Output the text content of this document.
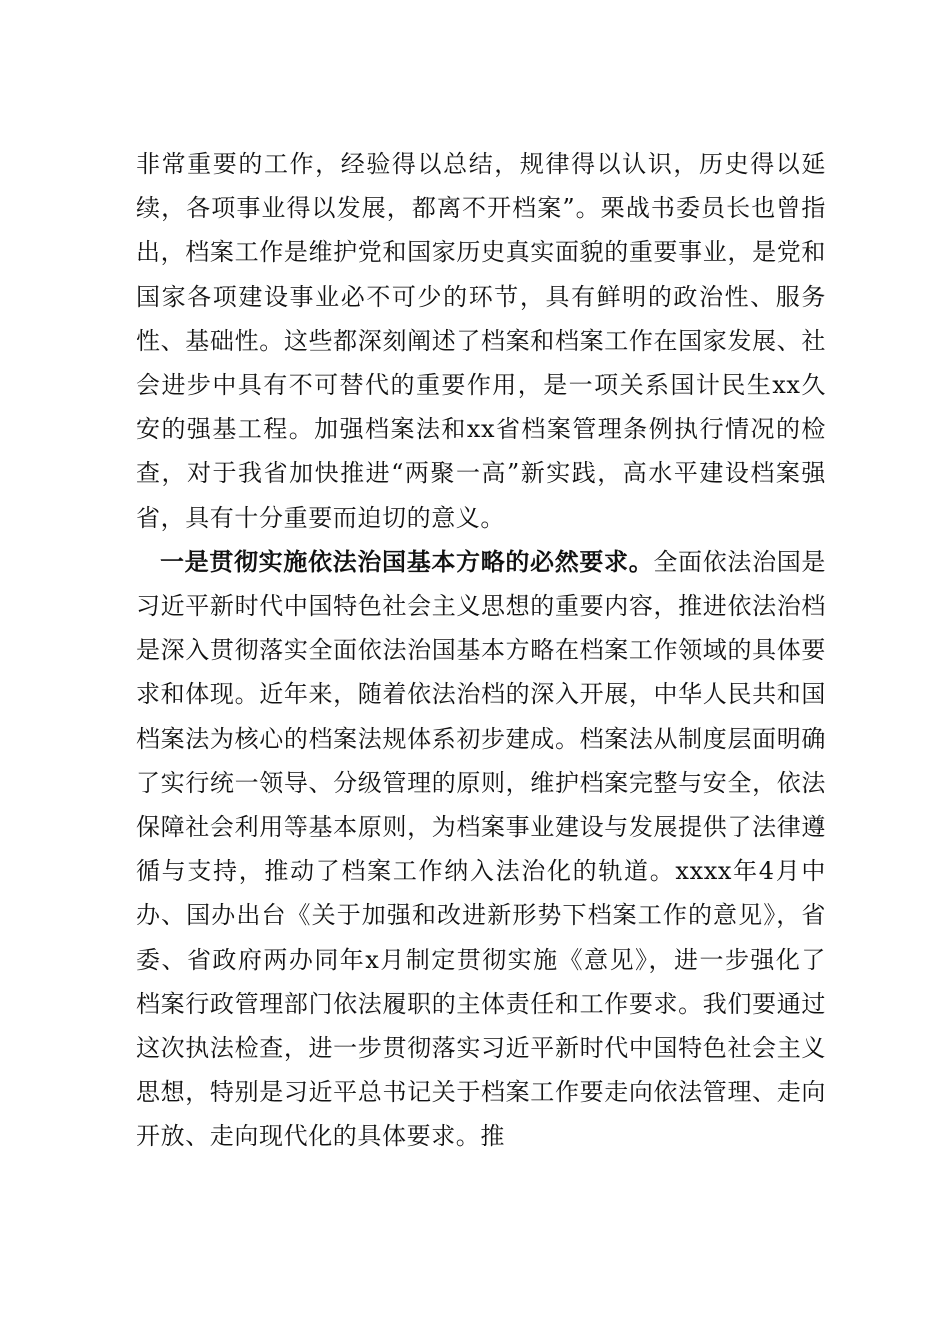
非常重要的工作，经验得以总结，规律得以认识，历史得以延续，各项事业得以发展，都离不开档案”。栗战书委员长也曾指出，档案工作是维护党和国家历史真实面貌的重要事业，是党和国家各项建设事业必不可少的环节，具有鲜明的政治性、服务性、基础性。这些都深刻阐述了档案和档案工作在国家发展、社会进步中具有不可替代的重要作用，是一项关系国计民生xx久安的强基工程。加强档案法和xx省档案管理条例执行情况的检查，对于我省加快推进“两聚一高”新实践，高水平建设档案强省，具有十分重要而迫切的意义。

一是贯彻实施依法治国基本方略的必然要求。全面依法治国是习近平新时代中国特色社会主义思想的重要内容，推进依法治档是深入贯彻落实全面依法治国基本方略在档案工作领域的具体要求和体现。近年来，随着依法治档的深入开展，中华人民共和国档案法为核心的档案法规体系初步建成。档案法从制度层面明确了实行统一领导、分级管理的原则，维护档案完整与安全，依法保障社会利用等基本原则，为档案事业建设与发展提供了法律遵循与支持，推动了档案工作纳入法治化的轨道。xxxx年4月中办、国办出台《关于加强和改进新形势下档案工作的意见》，省委、省政府两办同年x月制定贯彻实施《意见》，进一步强化了档案行政管理部门依法履职的主体责任和工作要求。我们要通过这次执法检查，进一步贯彻落实习近平新时代中国特色社会主义思想，特别是习近平总书记关于档案工作要走向依法管理、走向开放、走向现代化的具体要求。推
